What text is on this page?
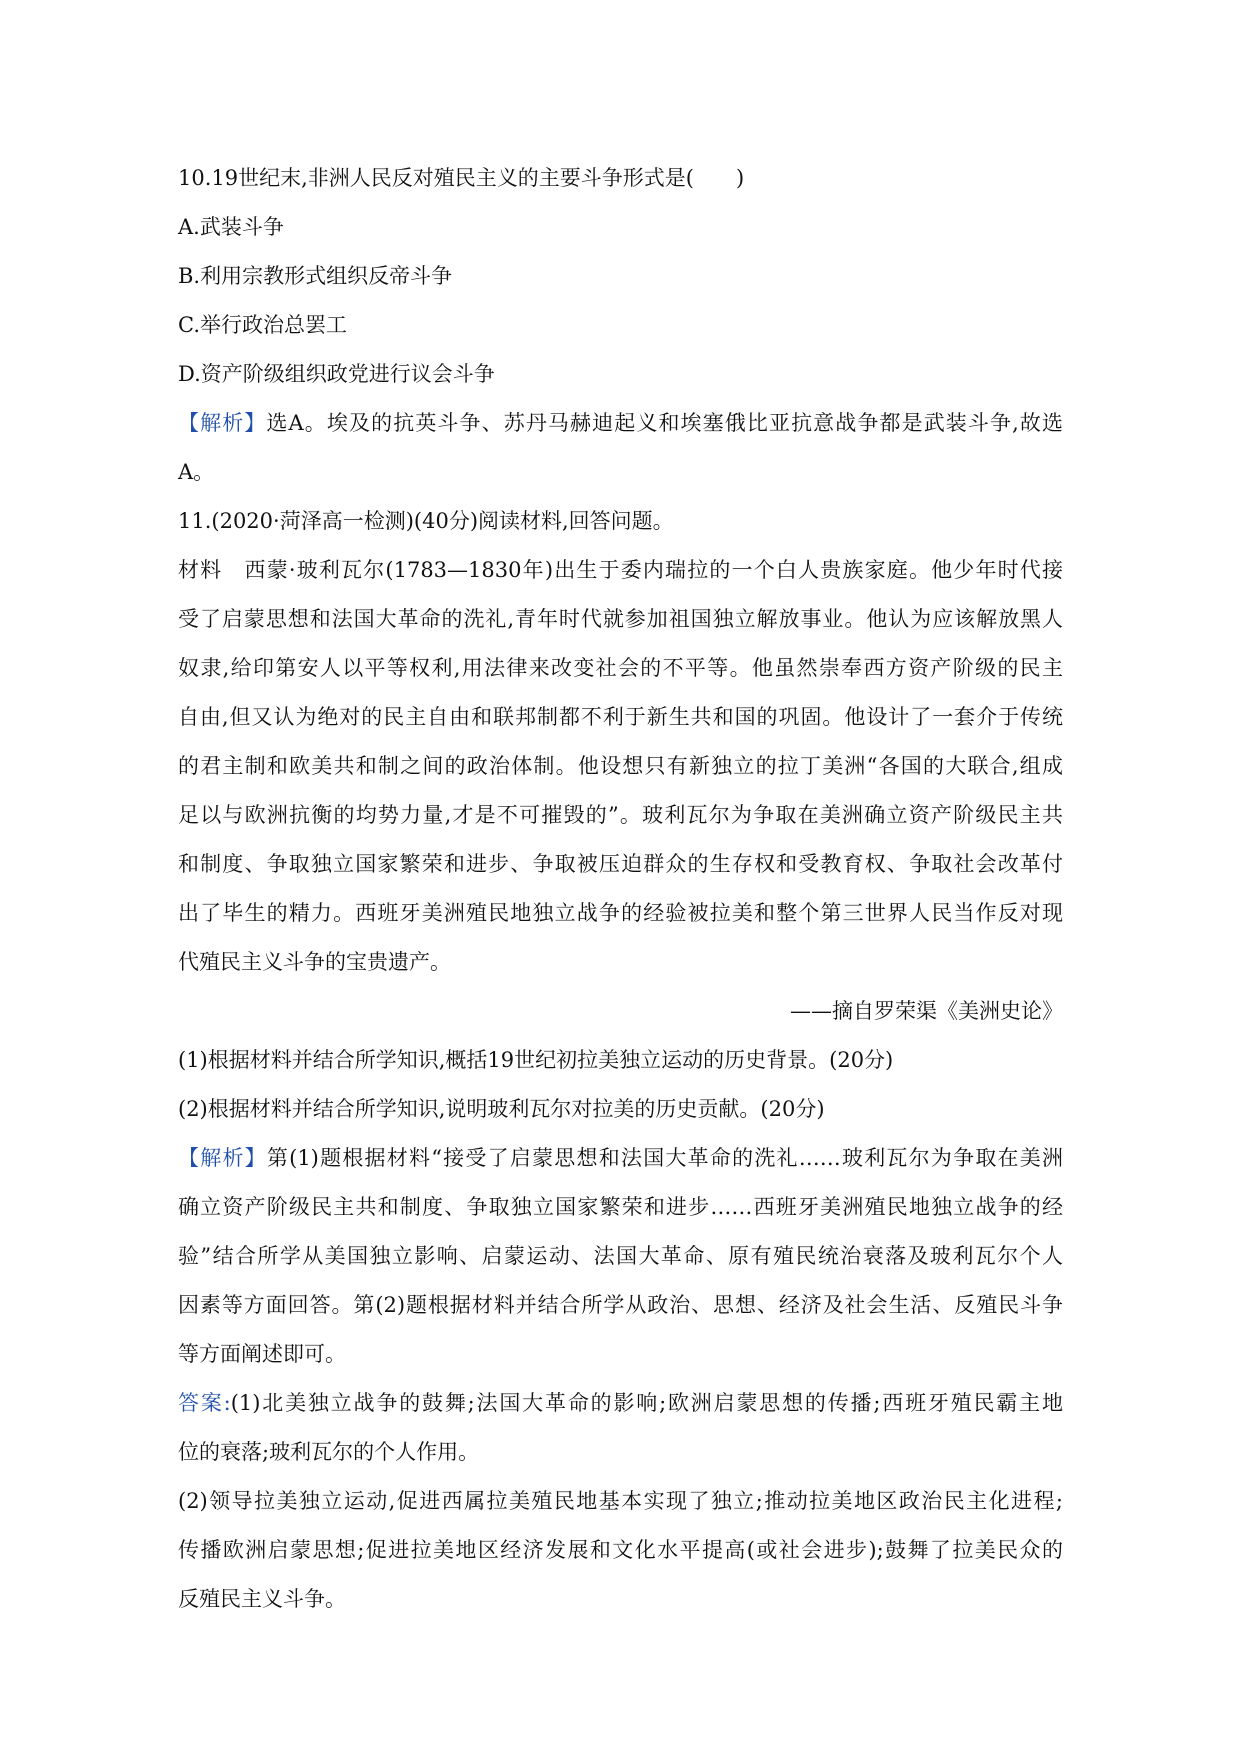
10.19世纪末,非洲人民反对殖民主义的主要斗争形式是(　　)
A.武装斗争
B.利用宗教形式组织反帝斗争
C.举行政治总罢工
D.资产阶级组织政党进行议会斗争
【解析】选A。埃及的抗英斗争、苏丹马赫迪起义和埃塞俄比亚抗意战争都是武装斗争,故选
A。
11.(2020·菏泽高一检测)(40分)阅读材料,回答问题。
材料　西蒙·玻利瓦尔(1783—1830年)出生于委内瑞拉的一个白人贵族家庭。他少年时代接
受了启蒙思想和法国大革命的洗礼,青年时代就参加祖国独立解放事业。他认为应该解放黑人
奴隶,给印第安人以平等权利,用法律来改变社会的不平等。他虽然崇奉西方资产阶级的民主
自由,但又认为绝对的民主自由和联邦制都不利于新生共和国的巩固。他设计了一套介于传统
的君主制和欧美共和制之间的政治体制。他设想只有新独立的拉丁美洲“各国的大联合,组成
足以与欧洲抗衡的均势力量,才是不可摧毁的”。玻利瓦尔为争取在美洲确立资产阶级民主共
和制度、争取独立国家繁荣和进步、争取被压迫群众的生存权和受教育权、争取社会改革付
出了毕生的精力。西班牙美洲殖民地独立战争的经验被拉美和整个第三世界人民当作反对现
代殖民主义斗争的宝贵遗产。
——摘自罗荣渠《美洲史论》
(1)根据材料并结合所学知识,概括19世纪初拉美独立运动的历史背景。(20分)
(2)根据材料并结合所学知识,说明玻利瓦尔对拉美的历史贡献。(20分)
【解析】第(1)题根据材料“接受了启蒙思想和法国大革命的洗礼……玻利瓦尔为争取在美洲
确立资产阶级民主共和制度、争取独立国家繁荣和进步……西班牙美洲殖民地独立战争的经
验”结合所学从美国独立影响、启蒙运动、法国大革命、原有殖民统治衰落及玻利瓦尔个人
因素等方面回答。第(2)题根据材料并结合所学从政治、思想、经济及社会生活、反殖民斗争
等方面阐述即可。
答案:(1)北美独立战争的鼓舞;法国大革命的影响;欧洲启蒙思想的传播;西班牙殖民霸主地
位的衰落;玻利瓦尔的个人作用。
(2)领导拉美独立运动,促进西属拉美殖民地基本实现了独立;推动拉美地区政治民主化进程;
传播欧洲启蒙思想;促进拉美地区经济发展和文化水平提高(或社会进步);鼓舞了拉美民众的
反殖民主义斗争。
